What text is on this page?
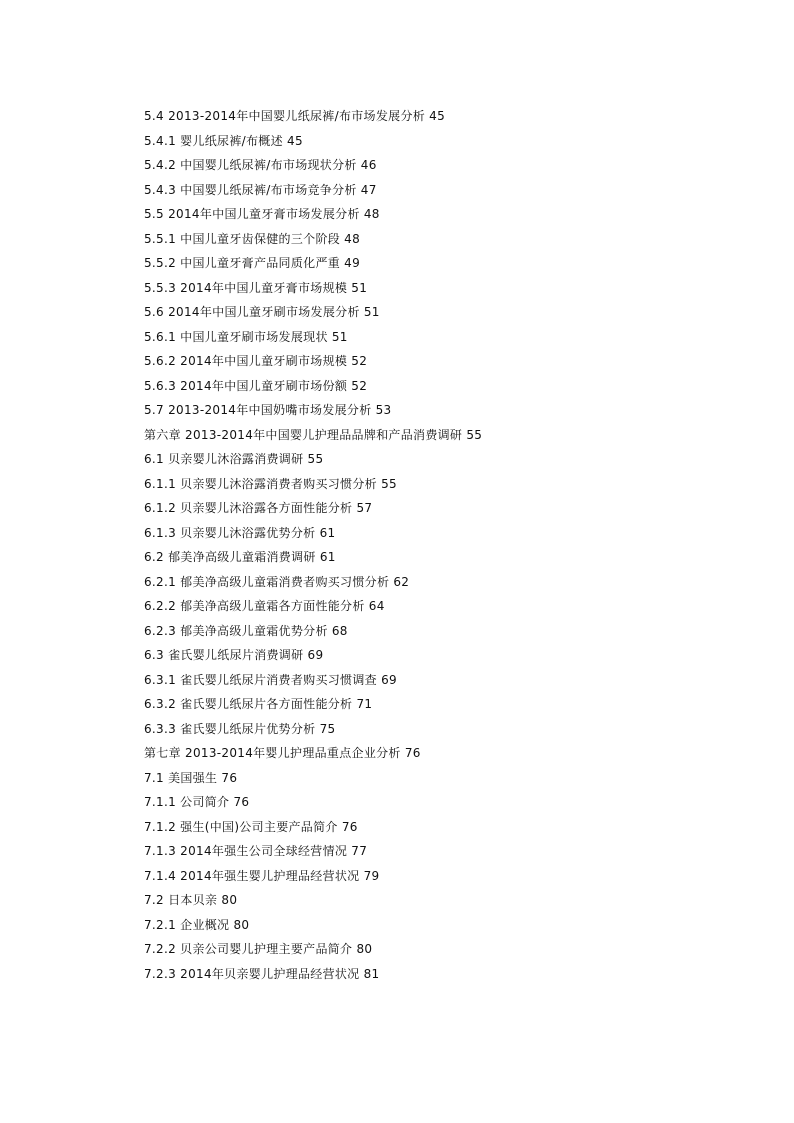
5.4 2013-2014年中国婴儿纸尿裤/布市场发展分析 45
5.4.1 婴儿纸尿裤/布概述 45
5.4.2 中国婴儿纸尿裤/布市场现状分析 46
5.4.3 中国婴儿纸尿裤/布市场竞争分析 47
5.5 2014年中国儿童牙膏市场发展分析 48
5.5.1 中国儿童牙齿保健的三个阶段 48
5.5.2 中国儿童牙膏产品同质化严重 49
5.5.3 2014年中国儿童牙膏市场规模 51
5.6 2014年中国儿童牙刷市场发展分析 51
5.6.1 中国儿童牙刷市场发展现状 51
5.6.2 2014年中国儿童牙刷市场规模 52
5.6.3 2014年中国儿童牙刷市场份额 52
5.7 2013-2014年中国奶嘴市场发展分析 53
第六章 2013-2014年中国婴儿护理品品牌和产品消费调研 55
6.1 贝亲婴儿沐浴露消费调研 55
6.1.1 贝亲婴儿沐浴露消费者购买习惯分析 55
6.1.2 贝亲婴儿沐浴露各方面性能分析 57
6.1.3 贝亲婴儿沐浴露优势分析 61
6.2 郁美净高级儿童霜消费调研 61
6.2.1 郁美净高级儿童霜消费者购买习惯分析 62
6.2.2 郁美净高级儿童霜各方面性能分析 64
6.2.3 郁美净高级儿童霜优势分析 68
6.3 雀氏婴儿纸尿片消费调研 69
6.3.1 雀氏婴儿纸尿片消费者购买习惯调查 69
6.3.2 雀氏婴儿纸尿片各方面性能分析 71
6.3.3 雀氏婴儿纸尿片优势分析 75
第七章 2013-2014年婴儿护理品重点企业分析 76
7.1 美国强生 76
7.1.1 公司简介 76
7.1.2 强生(中国)公司主要产品简介 76
7.1.3 2014年强生公司全球经营情况 77
7.1.4 2014年强生婴儿护理品经营状况 79
7.2 日本贝亲 80
7.2.1 企业概况 80
7.2.2 贝亲公司婴儿护理主要产品简介 80
7.2.3 2014年贝亲婴儿护理品经营状况 81
